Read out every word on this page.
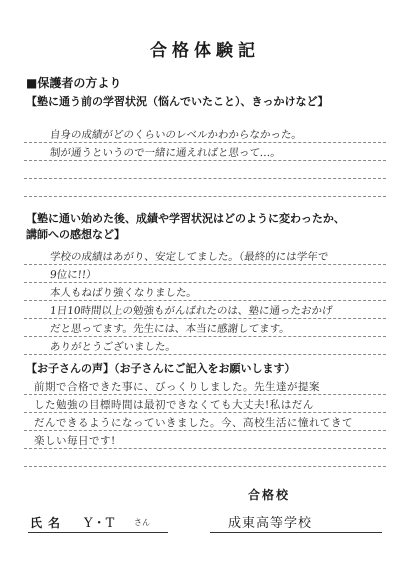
合格体験記
■保護者の方より
【塾に通う前の学習状況（悩んでいたこと）、きっかけなど】
自身の成績がどのくらいのレベルかわからなかった。
制が通うというので一緒に通えればと思って…。
【塾に通い始めた後、成績や学習状況はどのように変わったか、
講師への感想など】
学校の成績はあがり、安定してました。（最終的には学年で
9位に!!）
本人もねばり強くなりました。
1日10時間以上の勉強もがんばれたのは、塾に通ったおかげ
だと思ってます。先生には、本当に感謝してます。
ありがとうございました。
【お子さんの声】（お子さんにご記入をお願いします）
前期で合格できた事に、びっくりしました。先生達が提案
した勉強の目標時間は最初できなくても大丈夫!私はだん
だんできるようになっていきました。今、高校生活に憧れてきて
楽しい毎日です!
合格校
氏名 Y・T さん	成東高等学校
